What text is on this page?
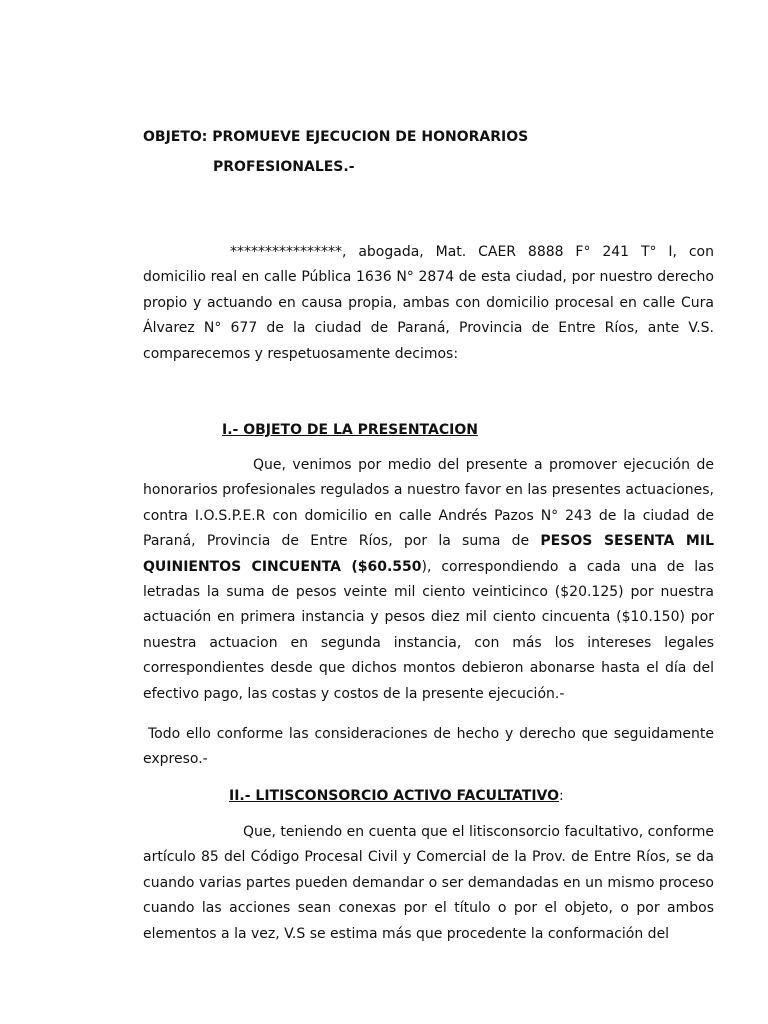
OBJETO: PROMUEVE EJECUCION DE HONORARIOS

PROFESIONALES.-

****************, abogada, Mat. CAER 8888 F° 241 T° I, con domicilio real en calle Pública 1636 N° 2874 de esta ciudad, por nuestro derecho propio y actuando en causa propia, ambas con domicilio procesal en calle Cura Álvarez N° 677 de la ciudad de Paraná, Provincia de Entre Ríos, ante V.S. comparecemos y respetuosamente decimos:

I.- OBJETO DE LA PRESENTACION

Que, venimos por medio del presente a promover ejecución de honorarios profesionales regulados a nuestro favor en las presentes actuaciones, contra I.O.S.P.E.R con domicilio en calle Andrés Pazos N° 243 de la ciudad de Paraná, Provincia de Entre Ríos, por la suma de PESOS SESENTA MIL QUINIENTOS CINCUENTA ($60.550), correspondiendo a cada una de las letradas la suma de pesos veinte mil ciento veinticinco ($20.125) por nuestra actuación en primera instancia y pesos diez mil ciento cincuenta ($10.150) por nuestra actuacion en segunda instancia, con más los intereses legales correspondientes desde que dichos montos debieron abonarse hasta el día del efectivo pago, las costas y costos de la presente ejecución.-

Todo ello conforme las consideraciones de hecho y derecho que seguidamente expreso.-

II.- LITISCONSORCIO ACTIVO FACULTATIVO:

Que, teniendo en cuenta que el litisconsorcio facultativo, conforme artículo 85 del Código Procesal Civil y Comercial de la Prov. de Entre Ríos, se da cuando varias partes pueden demandar o ser demandadas en un mismo proceso cuando las acciones sean conexas por el título o por el objeto, o por ambos elementos a la vez, V.S se estima más que procedente la conformación del
